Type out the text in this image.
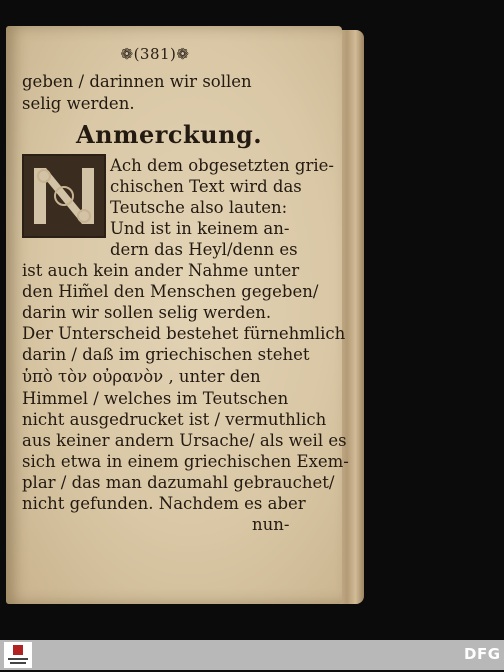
❁(381)❁
geben / darinnen wir sollen
selig werden.
Anmerckung.
Ach dem obgesetzten grie-
chischen Text wird das
Teutsche also lauten:
Und ist in keinem an-
dern das Heyl/denn es
ist auch kein ander Nahme unter
den Him̃el den Menschen gegeben/
darin wir sollen selig werden.
Der Unterscheid bestehet fürnehmlich
darin / daß im griechischen stehet
ὑπὸ τὸν οὐρανὸν , unter den
Himmel / welches im Teutschen
nicht ausgedrucket ist / vermuthlich
aus keiner andern Ursache/ als weil es
sich etwa in einem griechischen Exem-
plar / das man dazumahl gebrauchet/
nicht gefunden. Nachdem es aber
nun-
DFG
